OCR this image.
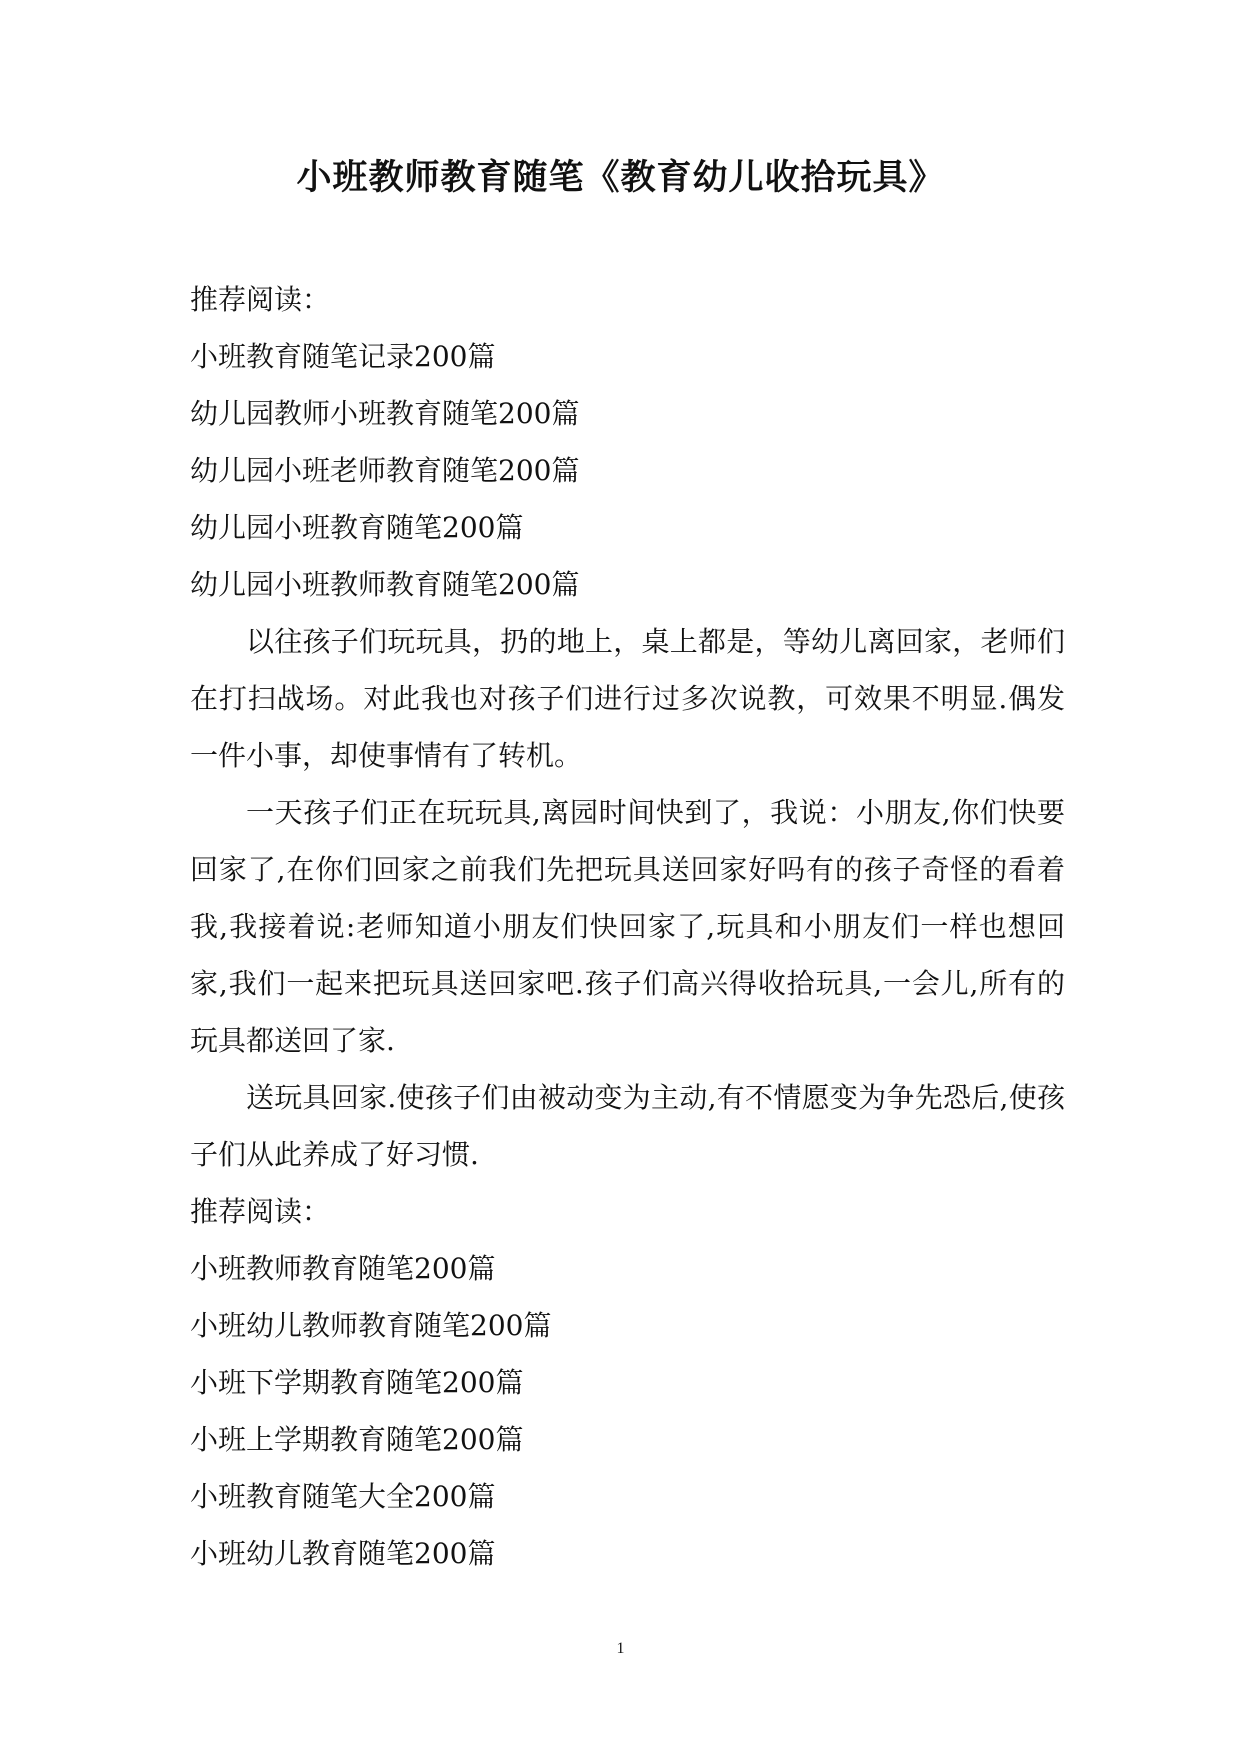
小班教师教育随笔《教育幼儿收拾玩具》

推荐阅读：

小班教育随笔记录200篇

幼儿园教师小班教育随笔200篇

幼儿园小班老师教育随笔200篇

幼儿园小班教育随笔200篇

幼儿园小班教师教育随笔200篇

以往孩子们玩玩具，扔的地上，桌上都是，等幼儿离回家，老师们在打扫战场。对此我也对孩子们进行过多次说教，可效果不明显.偶发一件小事，却使事情有了转机。

一天孩子们正在玩玩具,离园时间快到了，我说：小朋友,你们快要回家了,在你们回家之前我们先把玩具送回家好吗有的孩子奇怪的看着我,我接着说:老师知道小朋友们快回家了,玩具和小朋友们一样也想回家,我们一起来把玩具送回家吧.孩子们高兴得收拾玩具,一会儿,所有的玩具都送回了家.

送玩具回家.使孩子们由被动变为主动,有不情愿变为争先恐后,使孩子们从此养成了好习惯.

推荐阅读：

小班教师教育随笔200篇

小班幼儿教师教育随笔200篇

小班下学期教育随笔200篇

小班上学期教育随笔200篇

小班教育随笔大全200篇

小班幼儿教育随笔200篇

1
